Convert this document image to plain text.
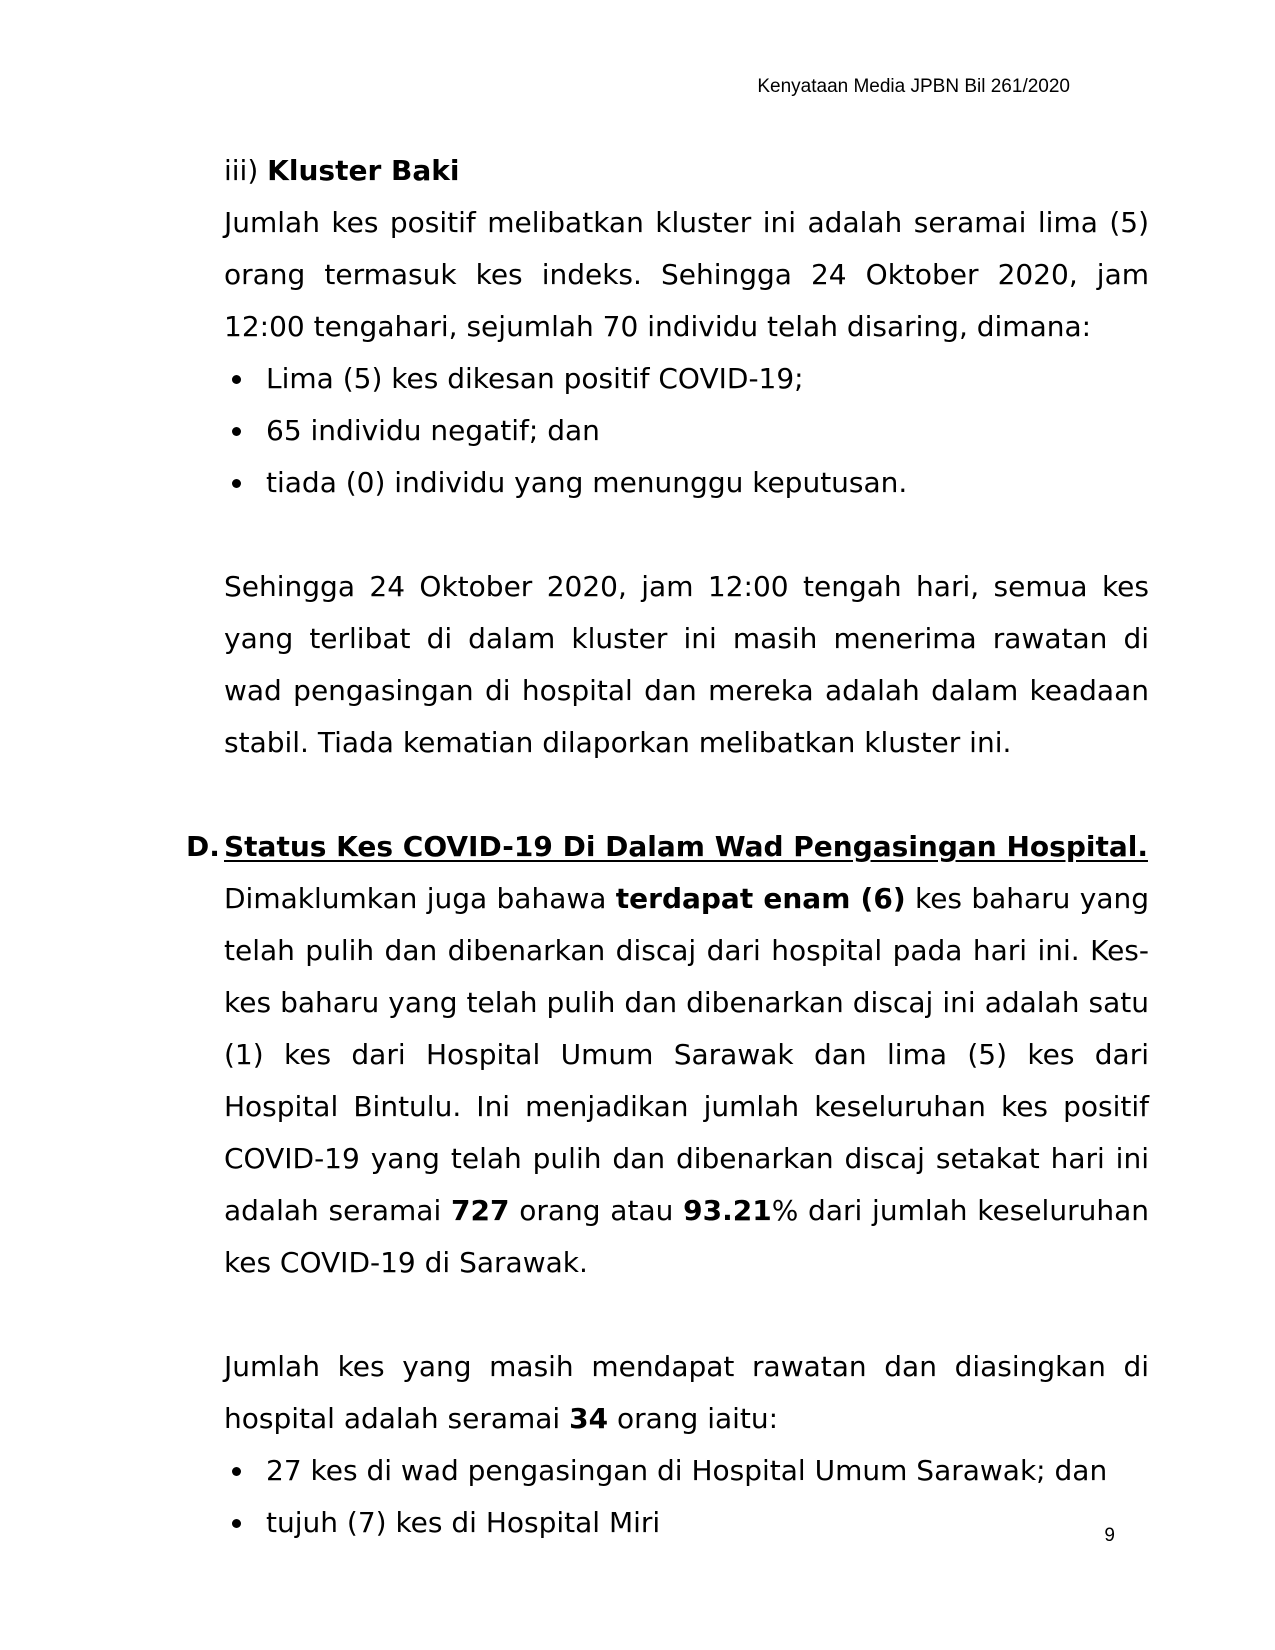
Kenyataan Media JPBN Bil 261/2020

iii) Kluster Baki

Jumlah kes positif melibatkan kluster ini adalah seramai lima (5) orang termasuk kes indeks. Sehingga 24 Oktober 2020, jam 12:00 tengahari, sejumlah 70 individu telah disaring, dimana:

Lima (5) kes dikesan positif COVID-19;
65 individu negatif; dan
tiada (0) individu yang menunggu keputusan.

Sehingga 24 Oktober 2020, jam 12:00 tengah hari, semua kes yang terlibat di dalam kluster ini masih menerima rawatan di wad pengasingan di hospital dan mereka adalah dalam keadaan stabil. Tiada kematian dilaporkan melibatkan kluster ini.

D. Status Kes COVID-19 Di Dalam Wad Pengasingan Hospital.

Dimaklumkan juga bahawa terdapat enam (6) kes baharu yang telah pulih dan dibenarkan discaj dari hospital pada hari ini. Kes-kes baharu yang telah pulih dan dibenarkan discaj ini adalah satu (1) kes dari Hospital Umum Sarawak dan lima (5) kes dari Hospital Bintulu. Ini menjadikan jumlah keseluruhan kes positif COVID-19 yang telah pulih dan dibenarkan discaj setakat hari ini adalah seramai 727 orang atau 93.21% dari jumlah keseluruhan kes COVID-19 di Sarawak.

Jumlah kes yang masih mendapat rawatan dan diasingkan di hospital adalah seramai 34 orang iaitu:

27 kes di wad pengasingan di Hospital Umum Sarawak; dan
tujuh (7) kes di Hospital Miri	9
